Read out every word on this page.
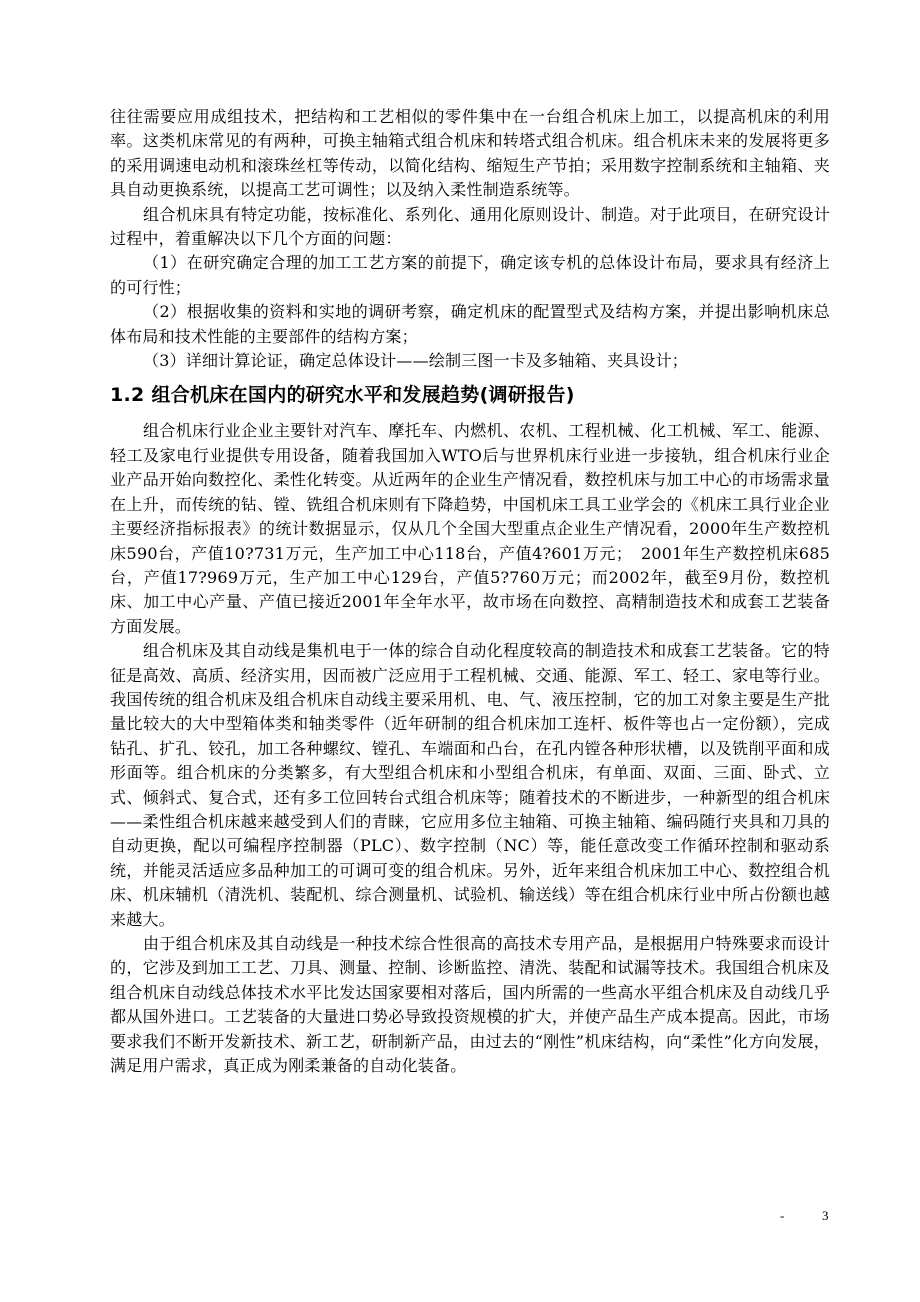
往往需要应用成组技术，把结构和工艺相似的零件集中在一台组合机床上加工，以提高机床的利用率。这类机床常见的有两种，可换主轴箱式组合机床和转塔式组合机床。组合机床未来的发展将更多的采用调速电动机和滚珠丝杠等传动，以简化结构、缩短生产节拍；采用数字控制系统和主轴箱、夹具自动更换系统，以提高工艺可调性；以及纳入柔性制造系统等。

组合机床具有特定功能，按标准化、系列化、通用化原则设计、制造。对于此项目，在研究设计过程中，着重解决以下几个方面的问题：

（1）在研究确定合理的加工工艺方案的前提下，确定该专机的总体设计布局，要求具有经济上的可行性；

（2）根据收集的资料和实地的调研考察，确定机床的配置型式及结构方案，并提出影响机床总体布局和技术性能的主要部件的结构方案；

（3）详细计算论证，确定总体设计——绘制三图一卡及多轴箱、夹具设计；

1.2 组合机床在国内的研究水平和发展趋势(调研报告)

组合机床行业企业主要针对汽车、摩托车、内燃机、农机、工程机械、化工机械、军工、能源、轻工及家电行业提供专用设备，随着我国加入WTO后与世界机床行业进一步接轨，组合机床行业企业产品开始向数控化、柔性化转变。从近两年的企业生产情况看，数控机床与加工中心的市场需求量在上升，而传统的钻、镗、铣组合机床则有下降趋势，中国机床工具工业学会的《机床工具行业企业主要经济指标报表》的统计数据显示，仅从几个全国大型重点企业生产情况看，2000年生产数控机床590台，产值10?731万元，生产加工中心118台，产值4?601万元；　2001年生产数控机床685台，产值17?969万元，生产加工中心129台，产值5?760万元；而2002年，截至9月份，数控机床、加工中心产量、产值已接近2001年全年水平，故市场在向数控、高精制造技术和成套工艺装备方面发展。

组合机床及其自动线是集机电于一体的综合自动化程度较高的制造技术和成套工艺装备。它的特征是高效、高质、经济实用，因而被广泛应用于工程机械、交通、能源、军工、轻工、家电等行业。我国传统的组合机床及组合机床自动线主要采用机、电、气、液压控制，它的加工对象主要是生产批量比较大的大中型箱体类和轴类零件（近年研制的组合机床加工连杆、板件等也占一定份额），完成钻孔、扩孔、铰孔，加工各种螺纹、镗孔、车端面和凸台，在孔内镗各种形状槽，以及铣削平面和成形面等。组合机床的分类繁多，有大型组合机床和小型组合机床，有单面、双面、三面、卧式、立式、倾斜式、复合式，还有多工位回转台式组合机床等；随着技术的不断进步，一种新型的组合机床——柔性组合机床越来越受到人们的青睐，它应用多位主轴箱、可换主轴箱、编码随行夹具和刀具的自动更换，配以可编程序控制器（PLC）、数字控制（NC）等，能任意改变工作循环控制和驱动系统，并能灵活适应多品种加工的可调可变的组合机床。另外，近年来组合机床加工中心、数控组合机床、机床辅机（清洗机、装配机、综合测量机、试验机、输送线）等在组合机床行业中所占份额也越来越大。

由于组合机床及其自动线是一种技术综合性很高的高技术专用产品，是根据用户特殊要求而设计的，它涉及到加工工艺、刀具、测量、控制、诊断监控、清洗、装配和试漏等技术。我国组合机床及组合机床自动线总体技术水平比发达国家要相对落后，国内所需的一些高水平组合机床及自动线几乎都从国外进口。工艺装备的大量进口势必导致投资规模的扩大，并使产品生产成本提高。因此，市场要求我们不断开发新技术、新工艺，研制新产品，由过去的“刚性”机床结构，向“柔性”化方向发展，满足用户需求，真正成为刚柔兼备的自动化装备。

-	3
